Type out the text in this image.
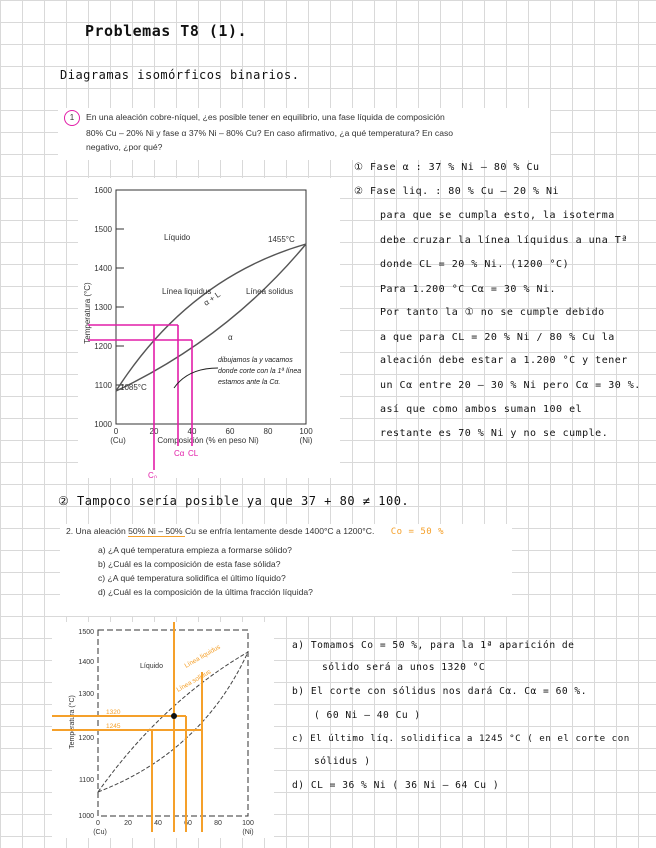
Problemas T8 (1).
Diagramas isomórficos binarios.
1 En una aleación cobre-níquel, ¿es posible tener en equilibrio, una fase líquida de composición
80% Cu – 20% Ni y fase α 37% Ni – 80% Cu? En caso afirmativo, ¿a qué temperatura? En caso
negativo, ¿por qué?
1600
1500
1400
1300
1200
1100
1000
0	20	40	60	80	100
(Cu)	(Ni)
Composición (% en peso Ni)
Temperatura (°C)
Líquido	1455°C
Línea liquidus	Línea solidus
α + L
α
1085°C
dibujamos la y vacamos
donde corte con la 1ª línea
estamos ante la Cα.
C₀
Cα CL
① Fase α : 37 % Ni – 80 % Cu
② Fase liq. : 80 % Cu – 20 % Ni
para que se cumpla esto, la isoterma
debe cruzar la línea líquidus a una Tª
donde CL = 20 % Ni. (1200 °C)
Para 1.200 °C Cα = 30 % Ni.
Por tanto la ① no se cumple debido
a que para CL = 20 % Ni / 80 % Cu la
aleación debe estar a 1.200 °C y tener
un Cα entre 20 – 30 % Ni pero Cα = 30 %.
así que como ambos suman 100 el
restante es 70 % Ni y no se cumple.
② Tampoco sería posible ya que 37 + 80 ≠ 100.
2. Una aleación 50% Ni – 50% Cu se enfría lentamente desde 1400°C a 1200°C. Co = 50 %
a) ¿A qué temperatura empieza a formarse sólido?
b) ¿Cuál es la composición de esta fase sólida?
c) ¿A qué temperatura solidifica el último líquido?
d) ¿Cuál es la composición de la última fracción líquida?
1500
1400
1300
1200
1100
1000
Temperatura (°C)
0	20	40	60	80	100
(Cu)	(Ni)
Líquido
1320
1245
Línea liquidus
Línea solidus
a) Tomamos Co = 50 %, para la 1ª aparición de
sólido será a unos 1320 °C
b) El corte con sólidus nos dará Cα. Cα = 60 %.
( 60 Ni – 40 Cu )
c) El último líq. solidifica a 1245 °C ( en el corte con
sólidus )
d) CL = 36 % Ni ( 36 Ni – 64 Cu )
